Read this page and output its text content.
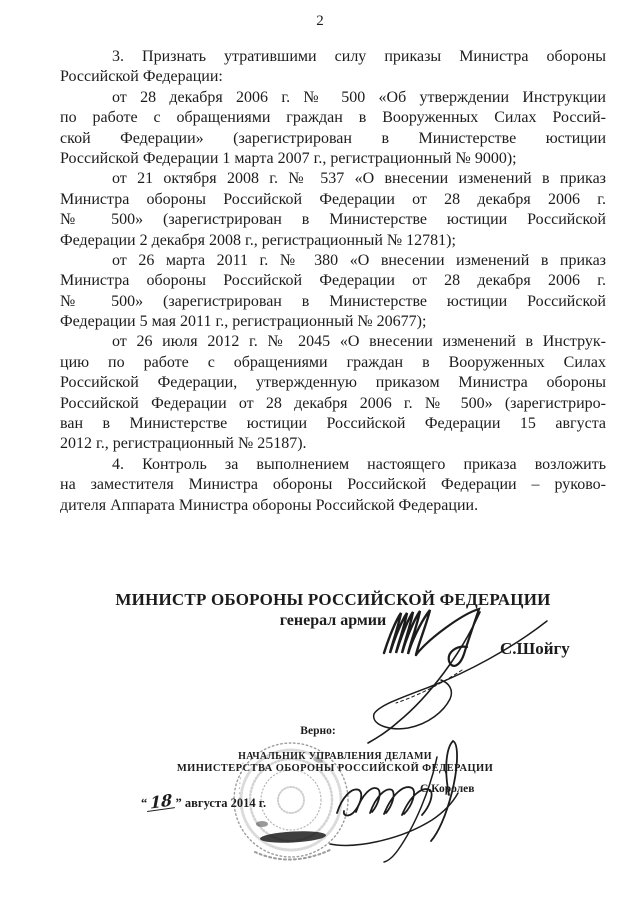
2
3. Признать утратившими силу приказы Министра обороны
Российской Федерации:
от 28 декабря 2006 г. № 500 «Об утверждении Инструкции
по работе с обращениями граждан в Вооруженных Силах Россий-
ской Федерации» (зарегистрирован в Министерстве юстиции
Российской Федерации 1 марта 2007 г., регистрационный № 9000);
от 21 октября 2008 г. № 537 «О внесении изменений в приказ
Министра обороны Российской Федерации от 28 декабря 2006 г.
№ 500» (зарегистрирован в Министерстве юстиции Российской
Федерации 2 декабря 2008 г., регистрационный № 12781);
от 26 марта 2011 г. № 380 «О внесении изменений в приказ
Министра обороны Российской Федерации от 28 декабря 2006 г.
№ 500» (зарегистрирован в Министерстве юстиции Российской
Федерации 5 мая 2011 г., регистрационный № 20677);
от 26 июля 2012 г. № 2045 «О внесении изменений в Инструк-
цию по работе с обращениями граждан в Вооруженных Силах
Российской Федерации, утвержденную приказом Министра обороны
Российской Федерации от 28 декабря 2006 г. № 500» (зарегистриро-
ван в Министерстве юстиции Российской Федерации 15 августа
2012 г., регистрационный № 25187).
4. Контроль за выполнением настоящего приказа возложить
на заместителя Министра обороны Российской Федерации – руково-
дителя Аппарата Министра обороны Российской Федерации.
МИНИСТР ОБОРОНЫ РОССИЙСКОЙ ФЕДЕРАЦИИ
генерал армии
С.Шойгу
Верно:
НАЧАЛЬНИК УПРАВЛЕНИЯ ДЕЛАМИ
МИНИСТЕРСТВА ОБОРОНЫ РОССИЙСКОЙ ФЕДЕРАЦИИ
“ 18 ” августа 2014 г.
С.Королев
